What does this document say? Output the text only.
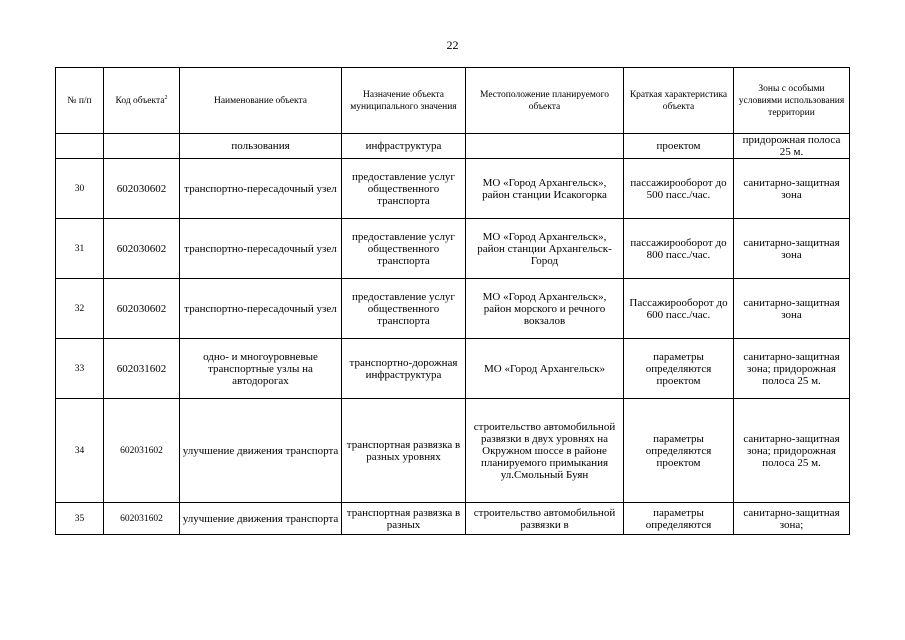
22
№ п/п	Код объекта$^2$	Наименование объекта	Назначение объекта муниципального значения	Местоположение планируемого объекта	Краткая характеристика объекта	Зоны с особыми условиями использования территории
		пользования	инфраструктура		проектом	придорожная полоса 25 м.
30	602030602	транспортно-пересадочный узел	предоставление услуг общественного транспорта	МО «Город Архангельск», район станции Исакогорка	пассажирооборот до 500 пасс./час.	санитарно-защитная зона
31	602030602	транспортно-пересадочный узел	предоставление услуг общественного транспорта	МО «Город Архангельск», район станции Архангельск-Город	пассажирооборот до 800 пасс./час.	санитарно-защитная зона
32	602030602	транспортно-пересадочный узел	предоставление услуг общественного транспорта	МО «Город Архангельск», район морского и речного вокзалов	Пассажирооборот до 600 пасс./час.	санитарно-защитная зона
33	602031602	одно- и многоуровневые транспортные узлы на автодорогах	транспортно-дорожная инфраструктура	МО «Город Архангельск»	параметры определяются проектом	санитарно-защитная зона; придорожная полоса 25 м.
34	602031602	улучшение движения транспорта	транспортная развязка в разных уровнях	строительство автомобильной развязки в двух уровнях на Окружном шоссе в районе планируемого примыкания ул.Смольный Буян	параметры определяются проектом	санитарно-защитная зона; придорожная полоса 25 м.
35	602031602	улучшение движения транспорта	транспортная развязка в разных	строительство автомобильной развязки в	параметры определяются	санитарно-защитная зона;
